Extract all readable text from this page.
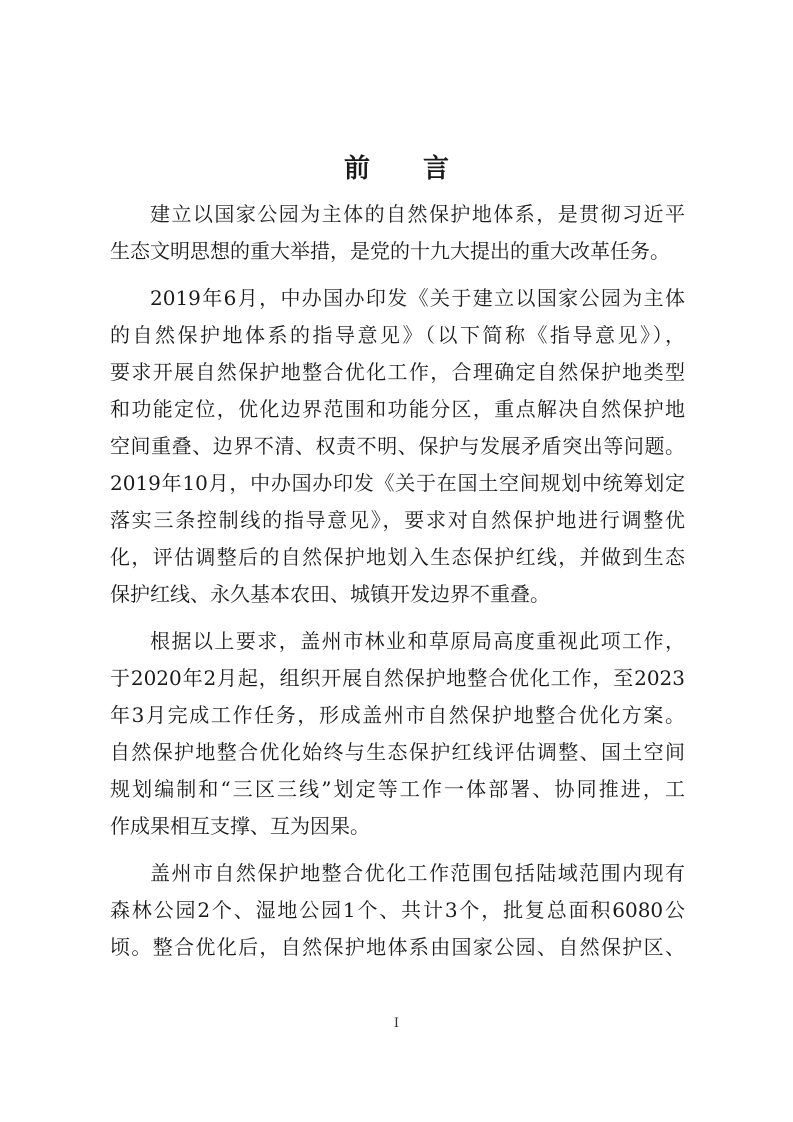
前 言
建立以国家公园为主体的自然保护地体系，是贯彻习近平
生态文明思想的重大举措，是党的十九大提出的重大改革任务。
2019年6月，中办国办印发《关于建立以国家公园为主体
的自然保护地体系的指导意见》（以下简称《指导意见》），
要求开展自然保护地整合优化工作，合理确定自然保护地类型
和功能定位，优化边界范围和功能分区，重点解决自然保护地
空间重叠、边界不清、权责不明、保护与发展矛盾突出等问题。
2019年10月，中办国办印发《关于在国土空间规划中统筹划定
落实三条控制线的指导意见》，要求对自然保护地进行调整优
化，评估调整后的自然保护地划入生态保护红线，并做到生态
保护红线、永久基本农田、城镇开发边界不重叠。
根据以上要求，盖州市林业和草原局高度重视此项工作，
于2020年2月起，组织开展自然保护地整合优化工作，至2023
年3月完成工作任务，形成盖州市自然保护地整合优化方案。
自然保护地整合优化始终与生态保护红线评估调整、国土空间
规划编制和“三区三线”划定等工作一体部署、协同推进，工
作成果相互支撑、互为因果。
盖州市自然保护地整合优化工作范围包括陆域范围内现有
森林公园2个、湿地公园1个、共计3个，批复总面积6080公
顷。整合优化后，自然保护地体系由国家公园、自然保护区、
I
